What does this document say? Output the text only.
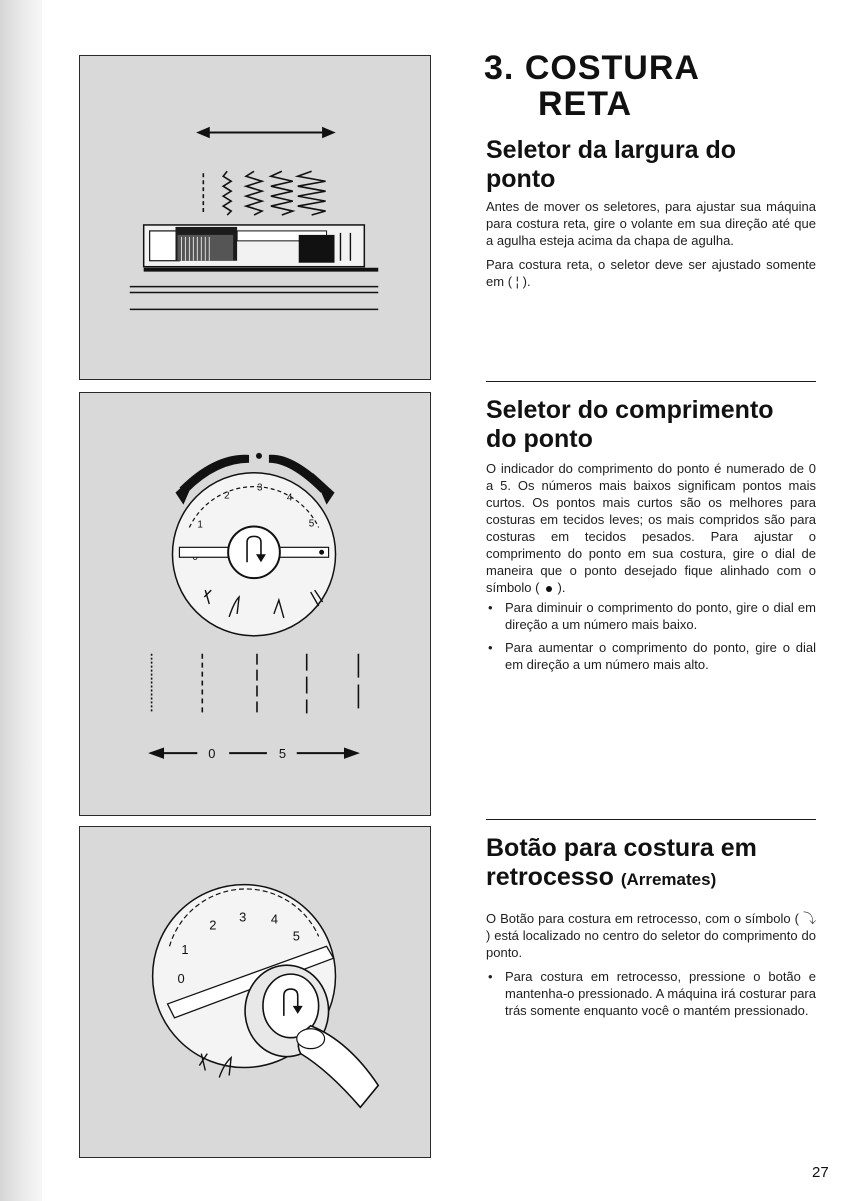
1
2
3
4
5
0	5
0
1
2
3 4
5
3. COSTURA
RETA
Seletor da largura do
ponto

Antes de mover os seletores, para ajustar sua máquina para costura reta, gire o volante em sua direção até que a agulha esteja acima da chapa de agulha.

Para costura reta, o seletor deve ser ajustado somente em ( ¦ ).

Seletor do comprimento
do ponto

O indicador do comprimento do ponto é numerado de 0 a 5. Os números mais baixos significam pontos mais curtos. Os pontos mais curtos são os melhores para costuras em tecidos leves; os mais compridos são para costuras em tecidos pesados. Para ajustar o comprimento do ponto em sua costura, gire o dial de maneira que o ponto desejado fique alinhado com o símbolo ( ).

• Para diminuir o comprimento do ponto, gire o dial em direção a um número mais baixo.
• Para aumentar o comprimento do ponto, gire o dial em direção a um número mais alto.
Botão para costura em
retrocesso (Arremates)

O Botão para costura em retrocesso, com o símbolo ( ⤵ ) está localizado no centro do seletor do comprimento do ponto.

• Para costura em retrocesso, pressione o botão e mantenha-o pressionado. A máquina irá costurar para trás somente enquanto você o mantém pressionado.
27
